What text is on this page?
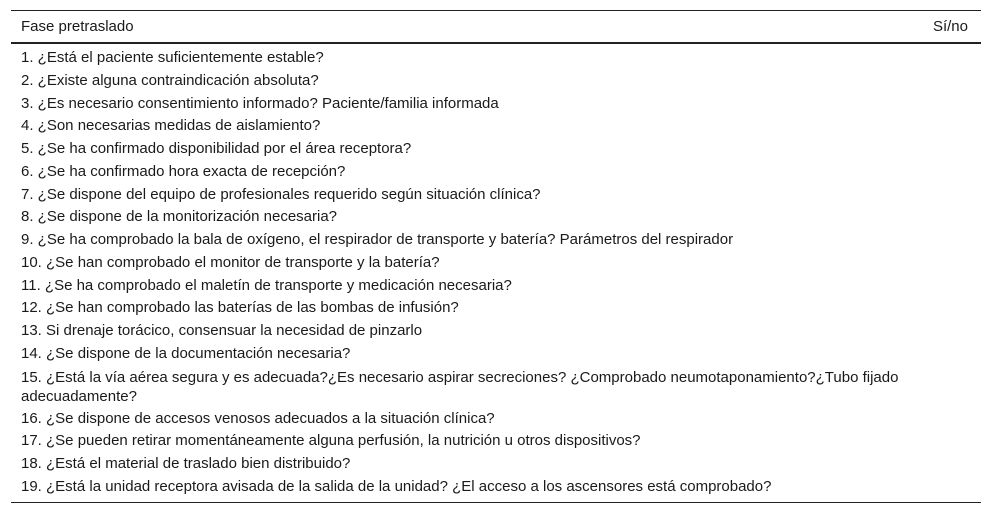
Fase pretraslado	Sí/no
1. ¿Está el paciente suficientemente estable?
2. ¿Existe alguna contraindicación absoluta?
3. ¿Es necesario consentimiento informado? Paciente/familia informada
4. ¿Son necesarias medidas de aislamiento?
5. ¿Se ha confirmado disponibilidad por el área receptora?
6. ¿Se ha confirmado hora exacta de recepción?
7. ¿Se dispone del equipo de profesionales requerido según situación clínica?
8. ¿Se dispone de la monitorización necesaria?
9. ¿Se ha comprobado la bala de oxígeno, el respirador de transporte y batería? Parámetros del respirador
10. ¿Se han comprobado el monitor de transporte y la batería?
11. ¿Se ha comprobado el maletín de transporte y medicación necesaria?
12. ¿Se han comprobado las baterías de las bombas de infusión?
13. Si drenaje torácico, consensuar la necesidad de pinzarlo
14. ¿Se dispone de la documentación necesaria?
15. ¿Está la vía aérea segura y es adecuada?¿Es necesario aspirar secreciones? ¿Comprobado neumotaponamiento?¿Tubo fijado adecuadamente?
16. ¿Se dispone de accesos venosos adecuados a la situación clínica?
17. ¿Se pueden retirar momentáneamente alguna perfusión, la nutrición u otros dispositivos?
18. ¿Está el material de traslado bien distribuido?
19. ¿Está la unidad receptora avisada de la salida de la unidad? ¿El acceso a los ascensores está comprobado?
